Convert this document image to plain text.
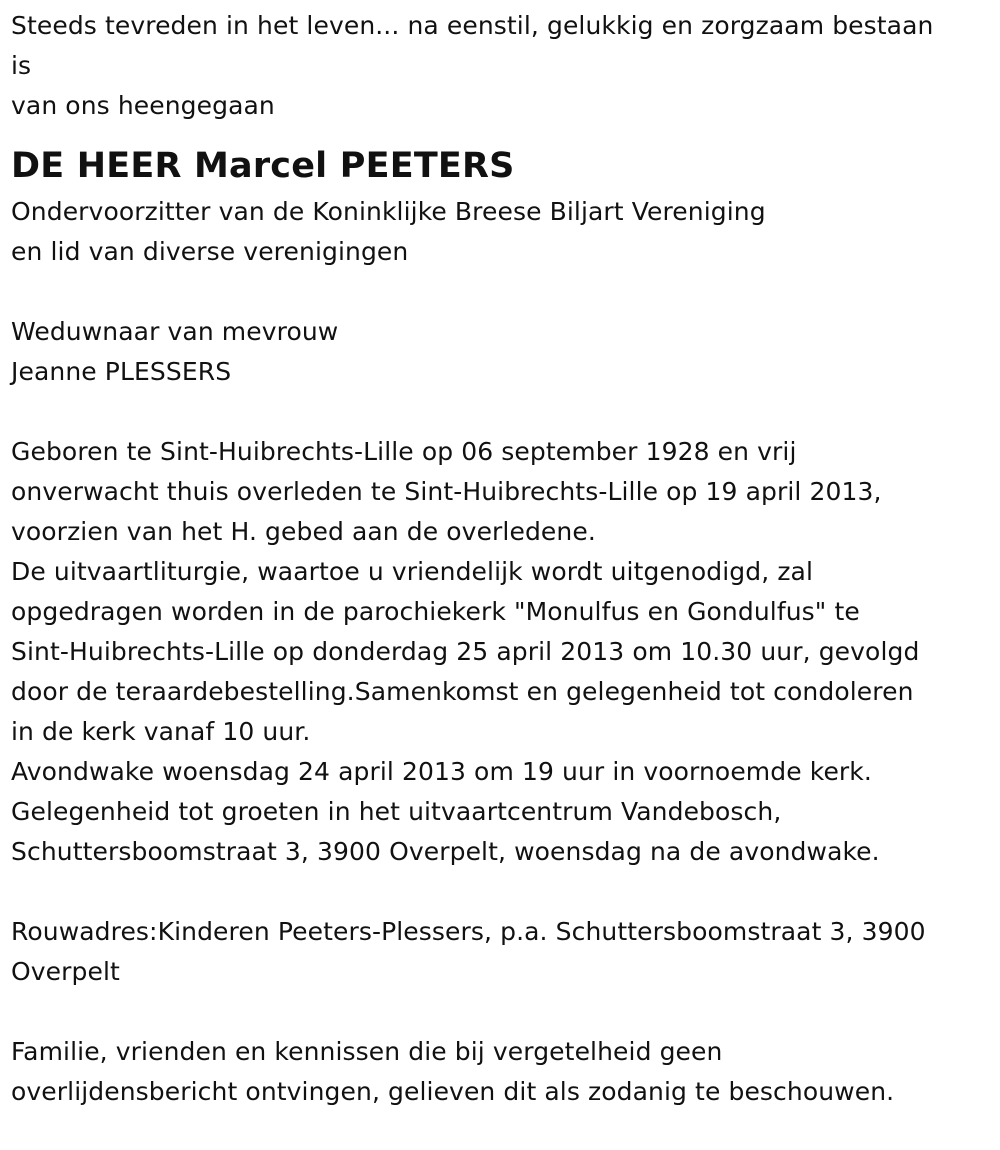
Steeds tevreden in het leven... na eenstil, gelukkig en zorgzaam bestaan
is
van ons heengegaan
DE HEER Marcel PEETERS
Ondervoorzitter van de Koninklijke Breese Biljart Vereniging
en lid van diverse verenigingen
Weduwnaar van mevrouw
Jeanne PLESSERS
Geboren te Sint-Huibrechts-Lille op 06 september 1928 en vrij
onverwacht thuis overleden te Sint-Huibrechts-Lille op 19 april 2013,
voorzien van het H. gebed aan de overledene.
De uitvaartliturgie, waartoe u vriendelijk wordt uitgenodigd, zal
opgedragen worden in de parochiekerk "Monulfus en Gondulfus" te
Sint-Huibrechts-Lille op donderdag 25 april 2013 om 10.30 uur, gevolgd
door de teraardebestelling.Samenkomst en gelegenheid tot condoleren
in de kerk vanaf 10 uur.
Avondwake woensdag 24 april 2013 om 19 uur in voornoemde kerk.
Gelegenheid tot groeten in het uitvaartcentrum Vandebosch,
Schuttersboomstraat 3, 3900 Overpelt, woensdag na de avondwake.
Rouwadres:Kinderen Peeters-Plessers, p.a. Schuttersboomstraat 3, 3900
Overpelt
Familie, vrienden en kennissen die bij vergetelheid geen
overlijdensbericht ontvingen, gelieven dit als zodanig te beschouwen.
